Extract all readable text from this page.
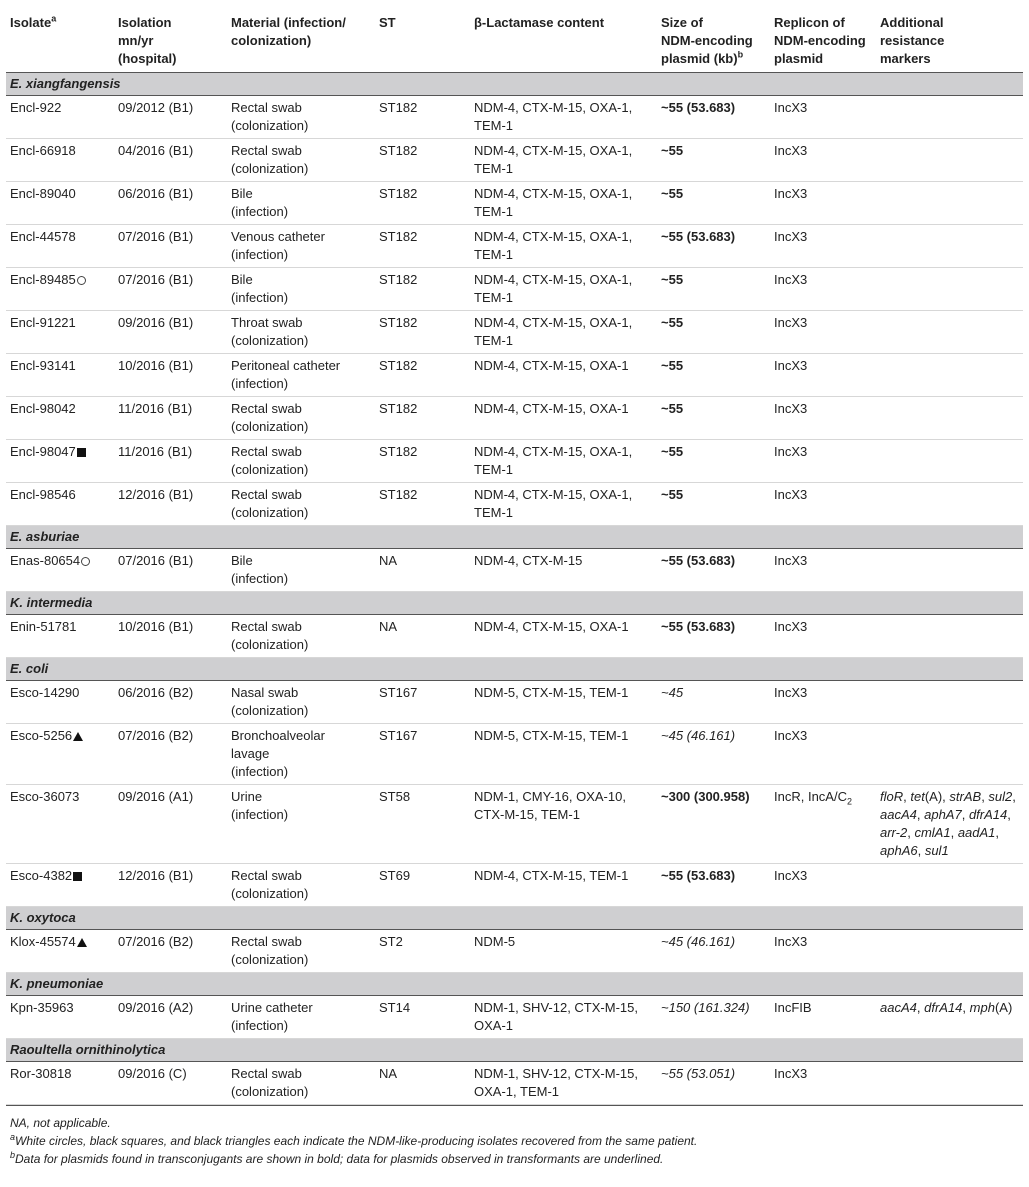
Isolate$^a$	Isolation
mn/yr
(hospital)	Material (infection/
colonization)	ST	β-Lactamase content	Size of
NDM-encoding
plasmid (kb)$^b$	Replicon of
NDM-encoding
plasmid	Additional
resistance
markers

E. xiangfangensis							
Encl-922	09/2012 (B1)	Rectal swab
(colonization)	ST182	NDM-4, CTX-M-15, OXA-1,
TEM-1	~55 (53.683)	IncX3	
Encl-66918	04/2016 (B1)	Rectal swab
(colonization)	ST182	NDM-4, CTX-M-15, OXA-1,
TEM-1	~55	IncX3	
Encl-89040	06/2016 (B1)	Bile
(infection)	ST182	NDM-4, CTX-M-15, OXA-1,
TEM-1	~55	IncX3	
Encl-44578	07/2016 (B1)	Venous catheter
(infection)	ST182	NDM-4, CTX-M-15, OXA-1,
TEM-1	~55 (53.683)	IncX3	
Encl-89485	07/2016 (B1)	Bile
(infection)	ST182	NDM-4, CTX-M-15, OXA-1,
TEM-1	~55	IncX3	
Encl-91221	09/2016 (B1)	Throat swab
(colonization)	ST182	NDM-4, CTX-M-15, OXA-1,
TEM-1	~55	IncX3	
Encl-93141	10/2016 (B1)	Peritoneal catheter
(infection)	ST182	NDM-4, CTX-M-15, OXA-1	~55	IncX3	
Encl-98042	11/2016 (B1)	Rectal swab
(colonization)	ST182	NDM-4, CTX-M-15, OXA-1	~55	IncX3	
Encl-98047	11/2016 (B1)	Rectal swab
(colonization)	ST182	NDM-4, CTX-M-15, OXA-1,
TEM-1	~55	IncX3	
Encl-98546	12/2016 (B1)	Rectal swab
(colonization)	ST182	NDM-4, CTX-M-15, OXA-1,
TEM-1	~55	IncX3	
E. asburiae							
Enas-80654	07/2016 (B1)	Bile
(infection)	NA	NDM-4, CTX-M-15	~55 (53.683)	IncX3	
K. intermedia							
Enin-51781	10/2016 (B1)	Rectal swab
(colonization)	NA	NDM-4, CTX-M-15, OXA-1	~55 (53.683)	IncX3	
E. coli							
Esco-14290	06/2016 (B2)	Nasal swab
(colonization)	ST167	NDM-5, CTX-M-15, TEM-1	~45	IncX3	
Esco-5256	07/2016 (B2)	Bronchoalveolar
lavage
(infection)	ST167	NDM-5, CTX-M-15, TEM-1	~45 (46.161)	IncX3	
Esco-36073	09/2016 (A1)	Urine
(infection)	ST58	NDM-1, CMY-16, OXA-10,
CTX-M-15, TEM-1	~300 (300.958)	IncR, IncA/$C_2$	floR, tet(A), strAB, sul2,
aacA4, aphA7, dfrA14,
arr-2, cmlA1, aadA1,
aphA6, sul1

Esco-4382	12/2016 (B1)	Rectal swab
(colonization)	ST69	NDM-4, CTX-M-15, TEM-1	~55 (53.683)	IncX3	
K. oxytoca							
Klox-45574	07/2016 (B2)	Rectal swab
(colonization)	ST2	NDM-5	~45 (46.161)	IncX3	
K. pneumoniae							
Kpn-35963	09/2016 (A2)	Urine catheter
(infection)	ST14	NDM-1, SHV-12, CTX-M-15,
OXA-1	~150 (161.324)	IncFIB	aacA4, dfrA14, mph(A)

Raoultella ornithinolytica							
Ror-30818	09/2016 (C)	Rectal swab
(colonization)	NA	NDM-1, SHV-12, CTX-M-15,
OXA-1, TEM-1	~55 (53.051)	IncX3	
NA, not applicable.
$^a$White circles, black squares, and black triangles each indicate the NDM-like-producing isolates recovered from the same patient.
$^b$Data for plasmids found in transconjugants are shown in bold; data for plasmids observed in transformants are underlined.
